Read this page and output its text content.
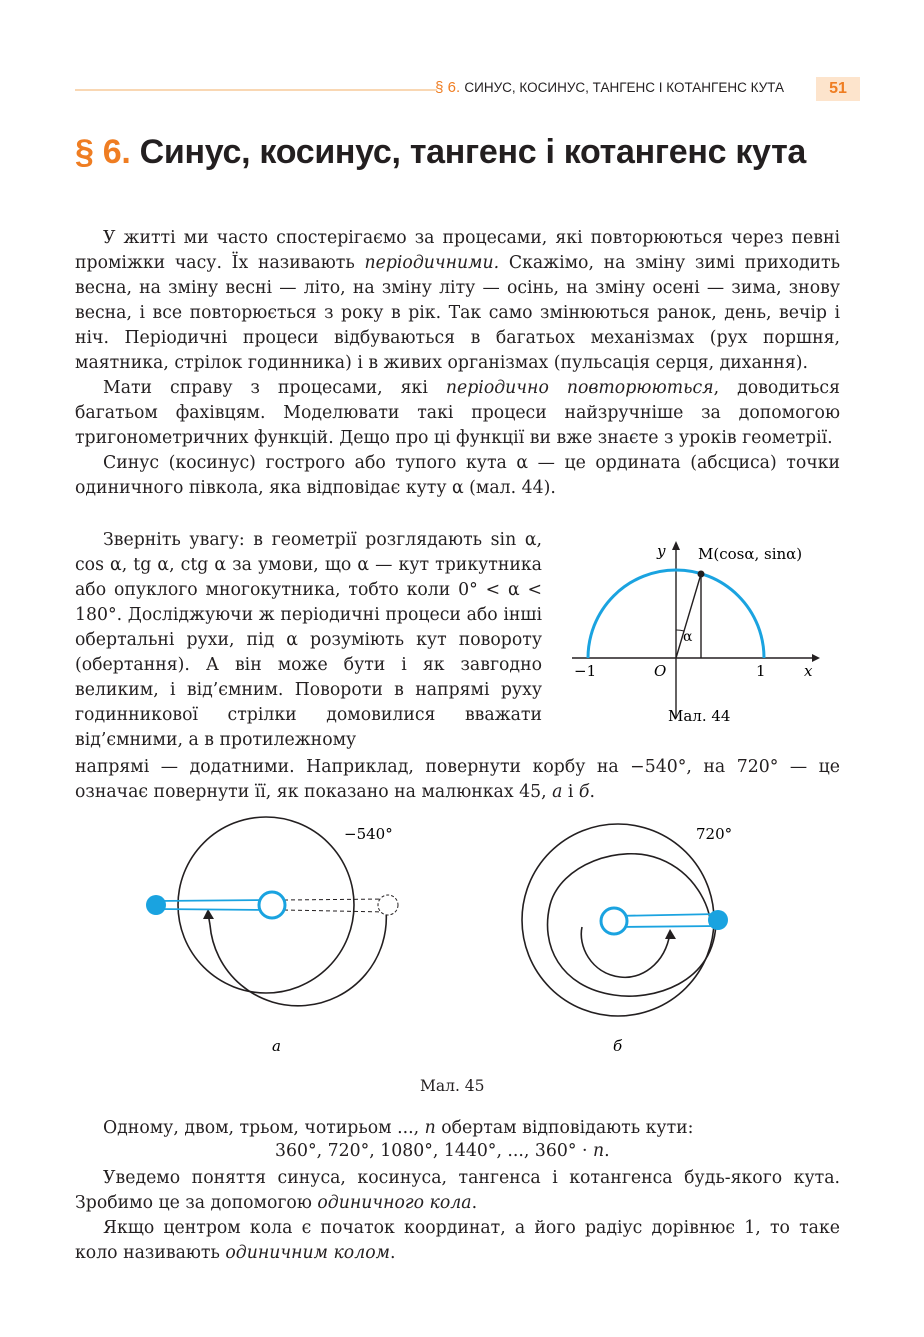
§ 6. СИНУС, КОСИНУС, ТАНГЕНС І КОТАНГЕНС КУТА	51
§ 6. Синус, косинус, тангенс і котангенс кута

У житті ми часто спостерігаємо за процесами, які повторюються через певні проміжки часу. Їх називають періодичними. Скажімо, на зміну зимі приходить весна, на зміну весні — літо, на зміну літу — осінь, на зміну осені — зима, знову весна, і все повторюється з року в рік. Так само змінюються ранок, день, вечір і ніч. Періодичні процеси відбуваються в багатьох механізмах (рух поршня, маятника, стрілок годинника) і в живих організмах (пульсація серця, дихання).

Мати справу з процесами, які періодично повторюються, доводиться багатьом фахівцям. Моделювати такі процеси найзручніше за допомогою тригонометричних функцій. Дещо про ці функції ви вже знаєте з уроків геометрії.

Синус (косинус) гострого або тупого кута α — це ордината (абсциса) точки одиничного півкола, яка відповідає куту α (мал. 44).

Зверніть увагу: в геометрії розглядають sin α, cos α, tg α, ctg α за умови, що α — кут трикутника або опуклого многокутника, тобто коли 0° < α < 180°. Досліджуючи ж періодичні процеси або інші обертальні рухи, під α розуміють кут повороту (обертання). А він може бути і як завгодно великим, і від’ємним. Повороти в напрямі руху годинникової стрілки домовилися вважати від’ємними, а в протилежному

напрямі — додатними. Наприклад, повернути корбу на −540°, на 720° — це означає повернути її, як показано на малюнках 45, а і б.

α
y M(cosα, sinα)
−1	O	1	x
Мал. 44
−540°
а
720°
б
Мал. 45

Одному, двом, трьом, чотирьом ..., n обертам відповідають кути:

360°, 720°, 1080°, 1440°, ..., 360° · n.

Уведемо поняття синуса, косинуса, тангенса і котангенса будь-якого кута. Зробимо це за допомогою одиничного кола.

Якщо центром кола є початок координат, а його радіус дорівнює 1, то таке коло називають одиничним колом.
